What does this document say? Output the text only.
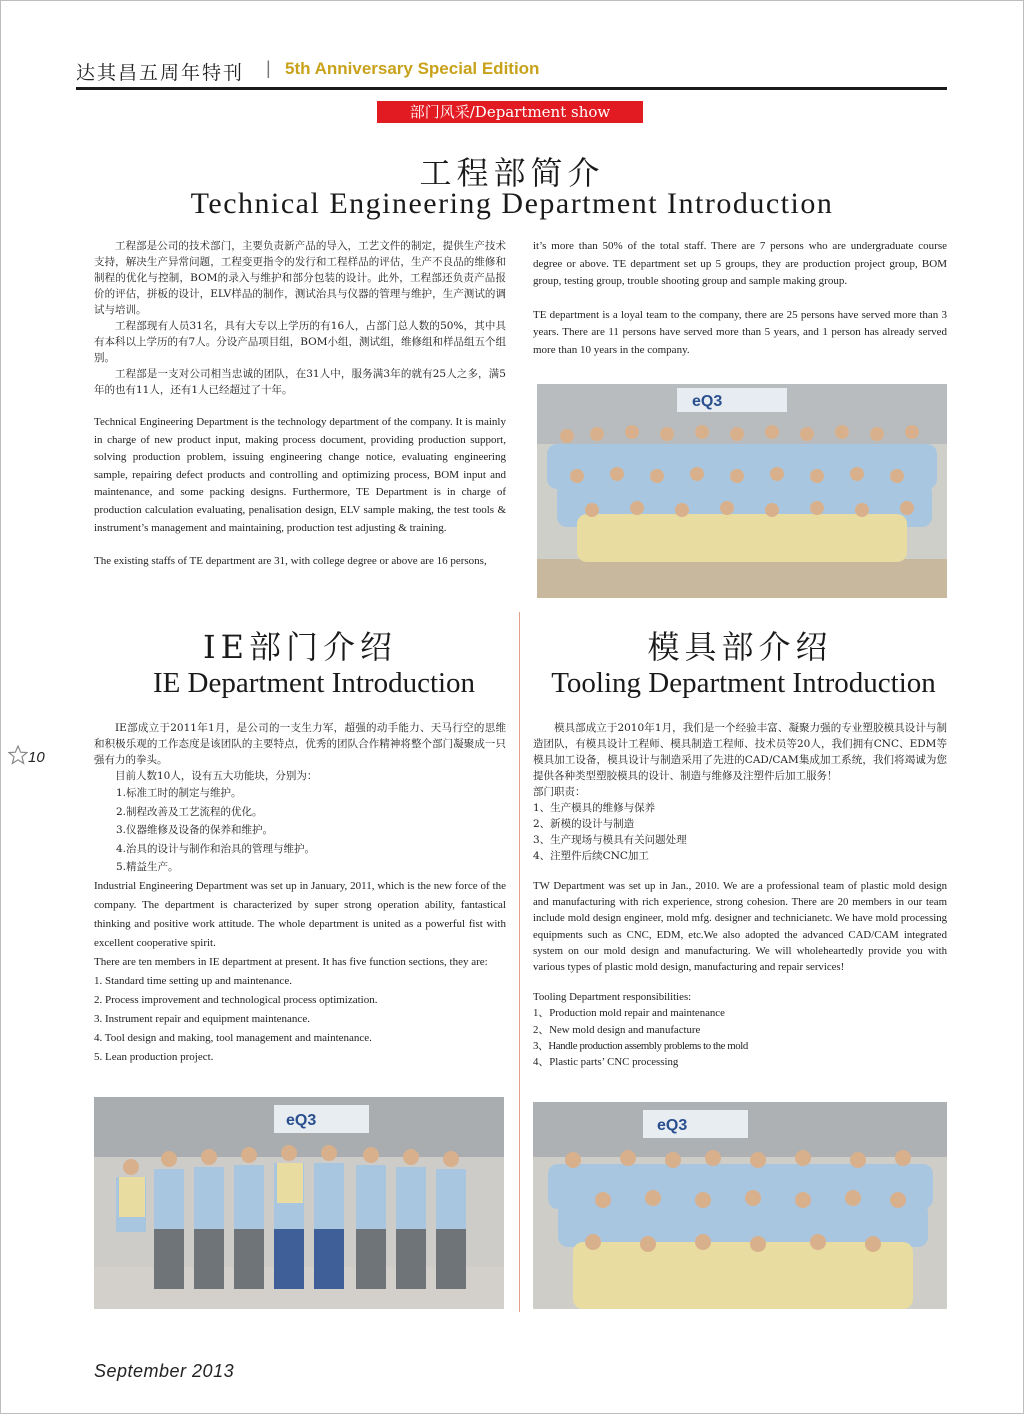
达其昌五周年特刊 | 5th Anniversary Special Edition
部门风采/Department show
工程部简介
Technical Engineering Department Introduction
工程部是公司的技术部门，主要负责新产品的导入，工艺文件的制定，提供生产技术支持，解决生产异常问题，工程变更指令的发行和工程样品的评估，生产不良品的维修和制程的优化与控制，BOM的录入与维护和部分包装的设计。此外，工程部还负责产品报价的评估，拼板的设计，ELV样品的制作，测试治具与仪器的管理与维护，生产测试的调试与培训。
工程部现有人员31名，具有大专以上学历的有16人，占部门总人数的50%，其中具有本科以上学历的有7人。分设产品项目组，BOM小组，测试组，维修组和样品组五个组别。
工程部是一支对公司相当忠诚的团队，在31人中，服务满3年的就有25人之多，满5年的也有11人，还有1人已经超过了十年。
Technical Engineering Department is the technology department of the company. It is mainly in charge of new product input, making process document, providing production support, solving production problem, issuing engineering change notice, evaluating engineering sample, repairing defect products and controlling and optimizing process, BOM input and maintenance, and some packing designs. Furthermore, TE Department is in charge of production calculation evaluating, penalisation design, ELV sample making, the test tools & instrument’s management and maintaining, production test adjusting & training.
The existing staffs of TE department are 31, with college degree or above are 16 persons,
it’s more than 50% of the total staff. There are 7 persons who are undergraduate course degree or above. TE department set up 5 groups, they are production project group, BOM group, testing group, trouble shooting group and sample making group.
TE department is a loyal team to the company, there are 25 persons have served more than 3 years. There are 11 persons have served more than 5 years, and 1 person has already served more than 10 years in the company.
eQ3
IE部门介绍
IE Department Introduction
IE部成立于2011年1月，是公司的一支生力军，超强的动手能力、天马行空的思维和积极乐观的工作态度是该团队的主要特点，优秀的团队合作精神将整个部门凝聚成一只强有力的拳头。
目前人数10人，设有五大功能块，分别为：
1.标准工时的制定与维护。
2.制程改善及工艺流程的优化。
3.仪器维修及设备的保养和维护。
4.治具的设计与制作和治具的管理与维护。
5.精益生产。
Industrial Engineering Department was set up in January, 2011, which is the new force of the company. The department is characterized by super strong operation ability, fantastical thinking and positive work attitude. The whole department is united as a powerful fist with excellent cooperative spirit.
There are ten members in IE department at present. It has five function sections, they are:
1. Standard time setting up and maintenance.
2. Process improvement and technological process optimization.
3. Instrument repair and equipment maintenance.
4. Tool design and making, tool management and maintenance.
5. Lean production project.
eQ3
模具部介绍
Tooling Department Introduction
模具部成立于2010年1月，我们是一个经验丰富、凝聚力强的专业塑胶模具设计与制造团队，有模具设计工程师、模具制造工程师、技术员等20人，我们拥有CNC、EDM等模具加工设备，模具设计与制造采用了先进的CAD/CAM集成加工系统，我们将竭诚为您提供各种类型塑胶模具的设计、制造与维修及注塑件后加工服务！
部门职责：
1、生产模具的维修与保养
2、新模的设计与制造
3、生产现场与模具有关问题处理
4、注塑件后续CNC加工
TW Department was set up in Jan., 2010. We are a professional team of plastic mold design and manufacturing with rich experience, strong cohesion. There are 20 members in our team include mold design engineer, mold mfg. designer and technicianetc. We have mold processing equipments such as CNC, EDM, etc.We also adopted the advanced CAD/CAM integrated system on our mold design and manufacturing. We will wholeheartedly provide you with various types of plastic mold design, manufacturing and repair services!
Tooling Department responsibilities:
1、Production mold repair and maintenance
2、New mold design and manufacture
3、Handle production assembly problems to the mold
4、Plastic parts’ CNC processing
eQ3
10
September 2013
